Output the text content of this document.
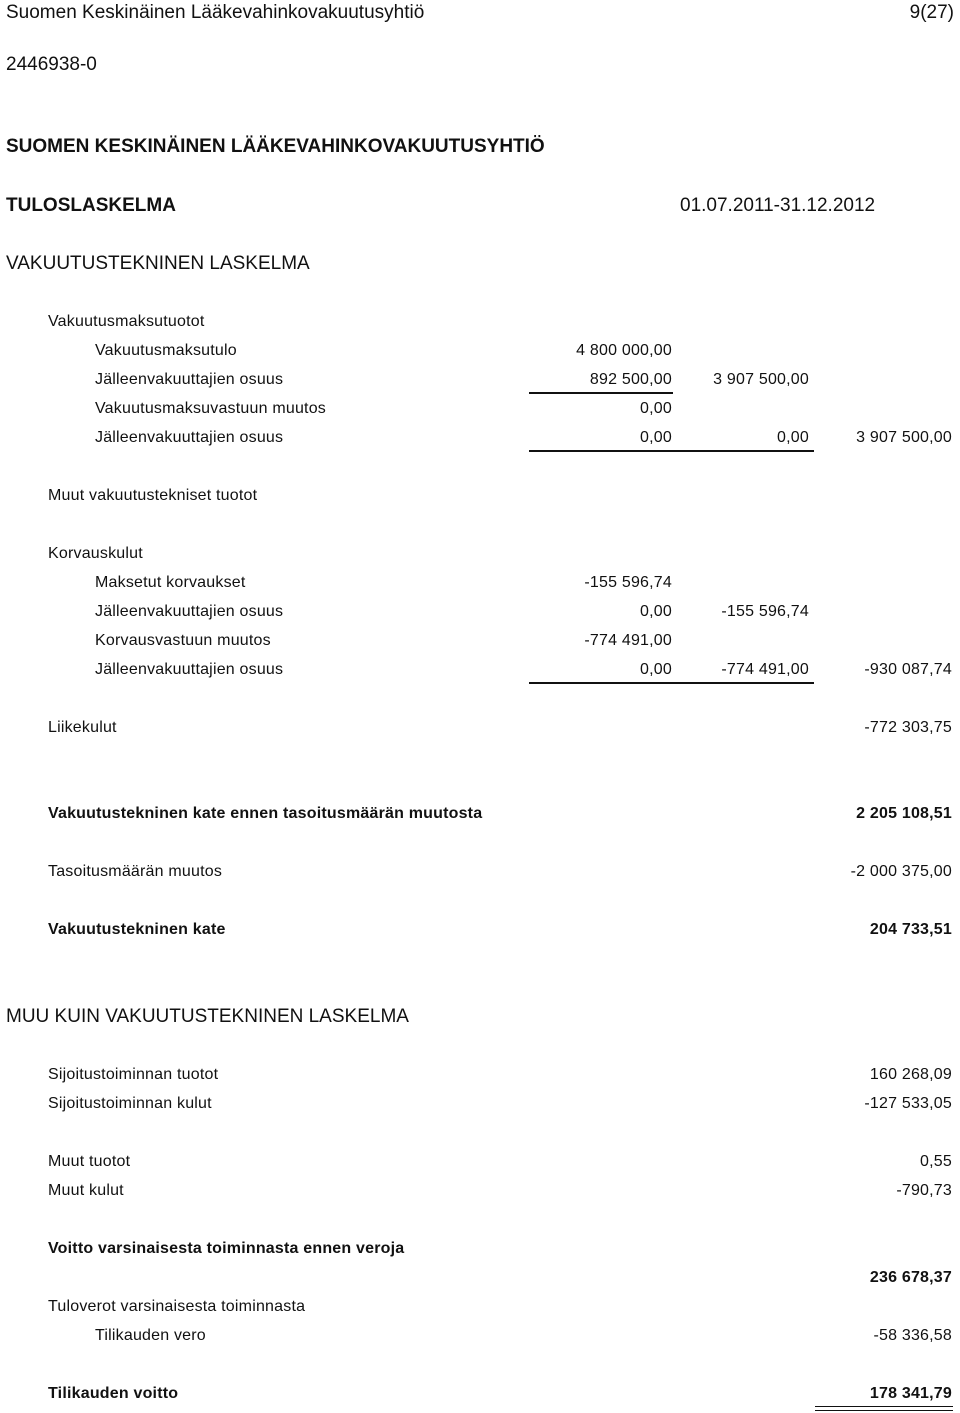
Suomen Keskinäinen Lääkevahinkovakuutusyhtiö	9(27)
2446938-0
SUOMEN KESKINÄINEN LÄÄKEVAHINKOVAKUUTUSYHTIÖ
TULOSLASKELMA	01.07.2011-31.12.2012
VAKUUTUSTEKNINEN LASKELMA
Vakuutusmaksutuotot
Vakuutusmaksutulo	4 800 000,00
Jälleenvakuuttajien osuus	892 500,00	3 907 500,00
Vakuutusmaksuvastuun muutos	0,00
Jälleenvakuuttajien osuus	0,00	0,00	3 907 500,00
Muut vakuutustekniset tuotot
Korvauskulut
Maksetut korvaukset	-155 596,74
Jälleenvakuuttajien osuus	0,00	-155 596,74
Korvausvastuun muutos	-774 491,00
Jälleenvakuuttajien osuus	0,00	-774 491,00	-930 087,74
Liikekulut	-772 303,75
Vakuutustekninen kate ennen tasoitusmäärän muutosta	2 205 108,51
Tasoitusmäärän muutos	-2 000 375,00
Vakuutustekninen kate	204 733,51
MUU KUIN VAKUUTUSTEKNINEN LASKELMA
Sijoitustoiminnan tuotot	160 268,09
Sijoitustoiminnan kulut	-127 533,05
Muut tuotot	0,55
Muut kulut	-790,73
Voitto varsinaisesta toiminnasta ennen veroja
236 678,37
Tuloverot varsinaisesta toiminnasta
Tilikauden vero	-58 336,58
Tilikauden voitto	178 341,79
